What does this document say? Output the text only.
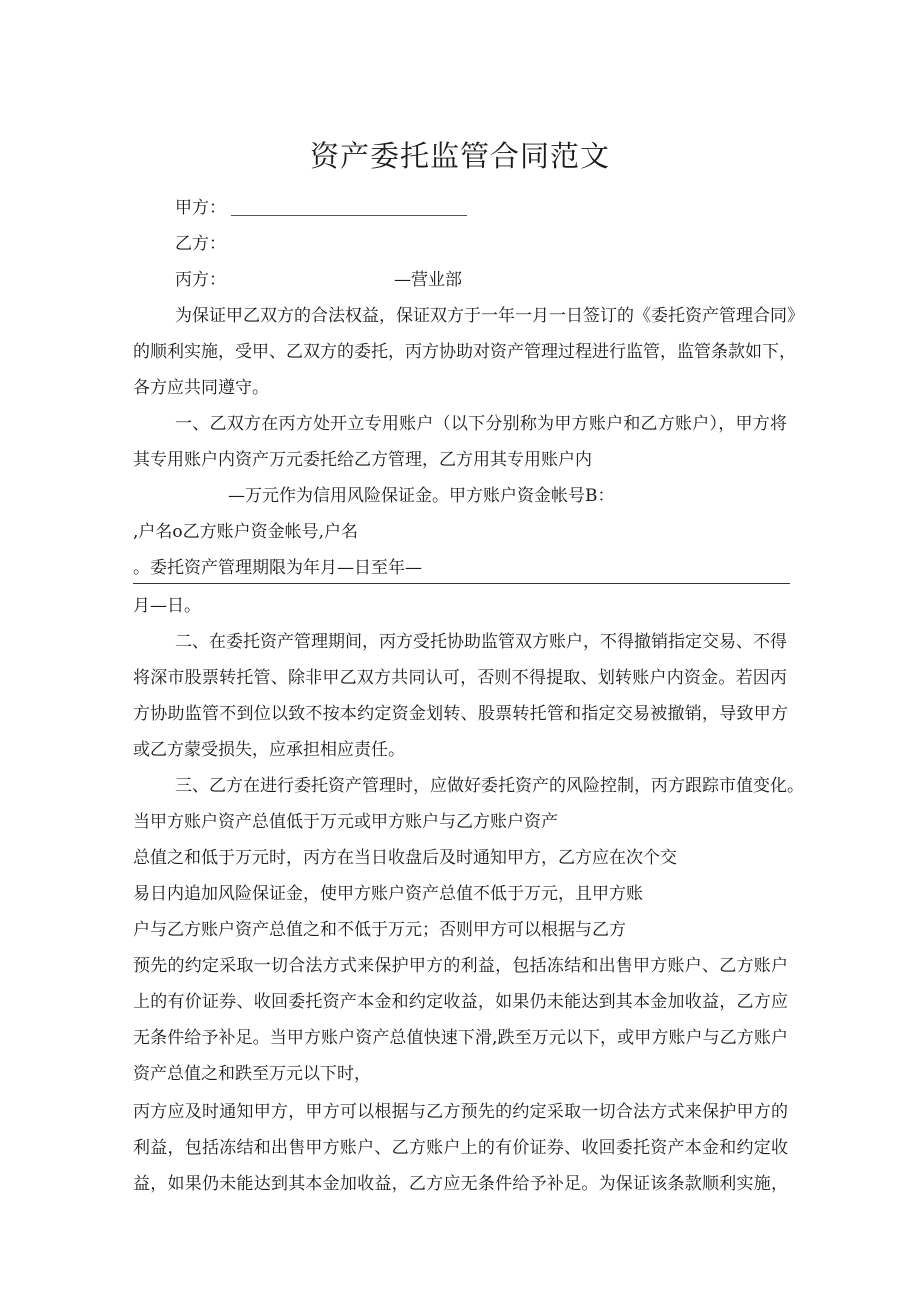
资产委托监管合同范文
甲方：
乙方：
丙方：	—营业部
为保证甲乙双方的合法权益，保证双方于一年一月一日签订的《委托资产管理合同》
的顺利实施，受甲、乙双方的委托，丙方协助对资产管理过程进行监管，监管条款如下，
各方应共同遵守。
一、乙双方在丙方处开立专用账户（以下分别称为甲方账户和乙方账户），甲方将
其专用账户内资产万元委托给乙方管理，乙方用其专用账户内
—万元作为信用风险保证金。甲方账户资金帐号B：
,户名o乙方账户资金帐号,户名
。委托资产管理期限为年月—日至年—
月—日。
二、在委托资产管理期间，丙方受托协助监管双方账户，不得撤销指定交易、不得
将深市股票转托管、除非甲乙双方共同认可，否则不得提取、划转账户内资金。若因丙
方协助监管不到位以致不按本约定资金划转、股票转托管和指定交易被撤销，导致甲方
或乙方蒙受损失，应承担相应责任。
三、乙方在进行委托资产管理时，应做好委托资产的风险控制，丙方跟踪市值变化。
当甲方账户资产总值低于万元或甲方账户与乙方账户资产
总值之和低于万元时，丙方在当日收盘后及时通知甲方，乙方应在次个交
易日内追加风险保证金，使甲方账户资产总值不低于万元，且甲方账
户与乙方账户资产总值之和不低于万元；否则甲方可以根据与乙方
预先的约定采取一切合法方式来保护甲方的利益，包括冻结和出售甲方账户、乙方账户
上的有价证券、收回委托资产本金和约定收益，如果仍未能达到其本金加收益，乙方应
无条件给予补足。当甲方账户资产总值快速下滑,跌至万元以下，或甲方账户与乙方账户
资产总值之和跌至万元以下时，
丙方应及时通知甲方，甲方可以根据与乙方预先的约定采取一切合法方式来保护甲方的
利益，包括冻结和出售甲方账户、乙方账户上的有价证券、收回委托资产本金和约定收
益，如果仍未能达到其本金加收益，乙方应无条件给予补足。为保证该条款顺利实施，
